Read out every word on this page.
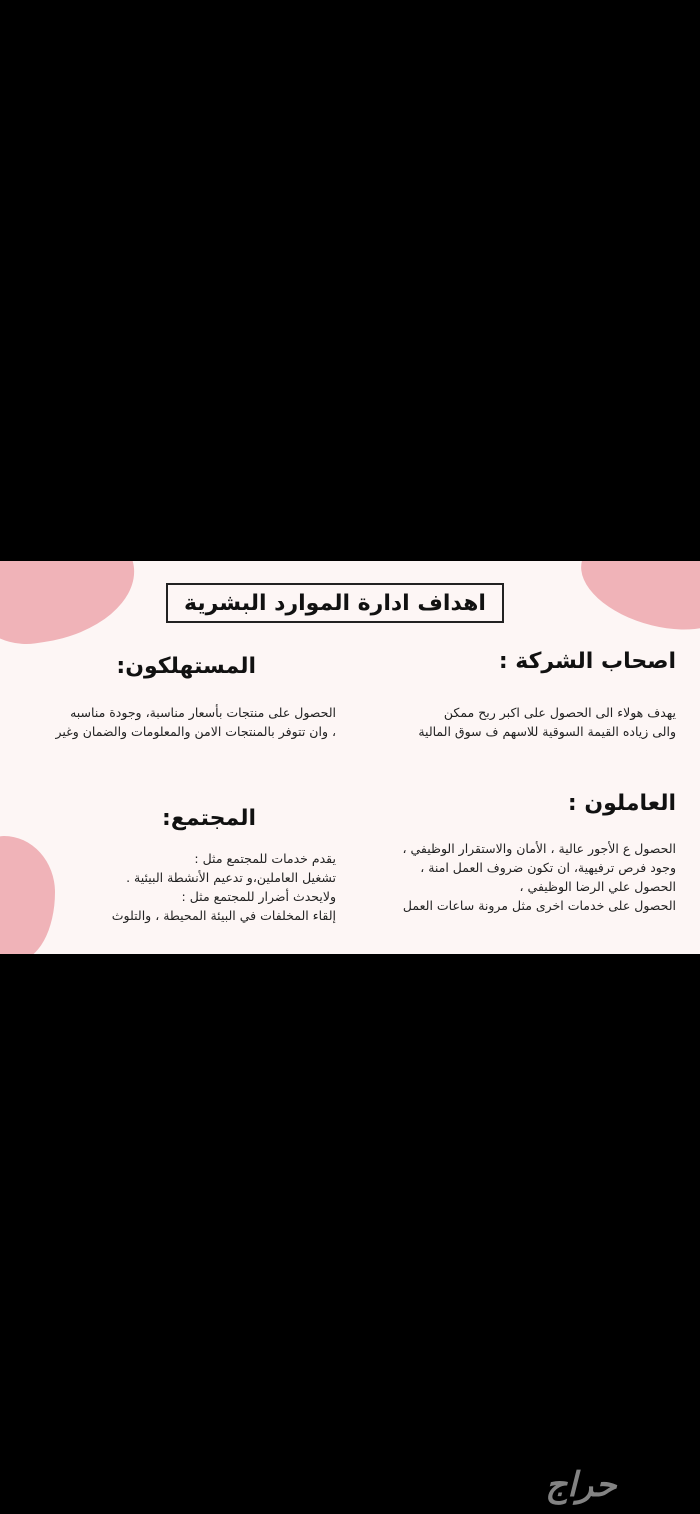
اهداف ادارة الموارد البشرية
اصحاب الشركة :
يهدف هولاء الى الحصول على اكبر ربح ممكن
والى زياده القيمة السوقية للاسهم ف سوق المالية
المستهلكون:
الحصول على منتجات بأسعار مناسبة، وجودة مناسبه
، وان تتوفر بالمنتجات الامن والمعلومات والضمان وغير
العاملون :
الحصول ع الأجور عالية ، الأمان والاستقرار الوظيفي ،
وجود فرص ترفيهية، ان تكون ضروف العمل امنة ،
الحصول علي الرضا الوظيفي ،
الحصول على خدمات اخرى مثل مرونة ساعات العمل
المجتمع:
يقدم خدمات للمجتمع مثل :
تشغيل العاملين،و تدعيم الأنشطة البيئية .
ولايحدث أضرار للمجتمع مثل :
إلقاء المخلفات في البيئة المحيطة ، والتلوث
حراج
